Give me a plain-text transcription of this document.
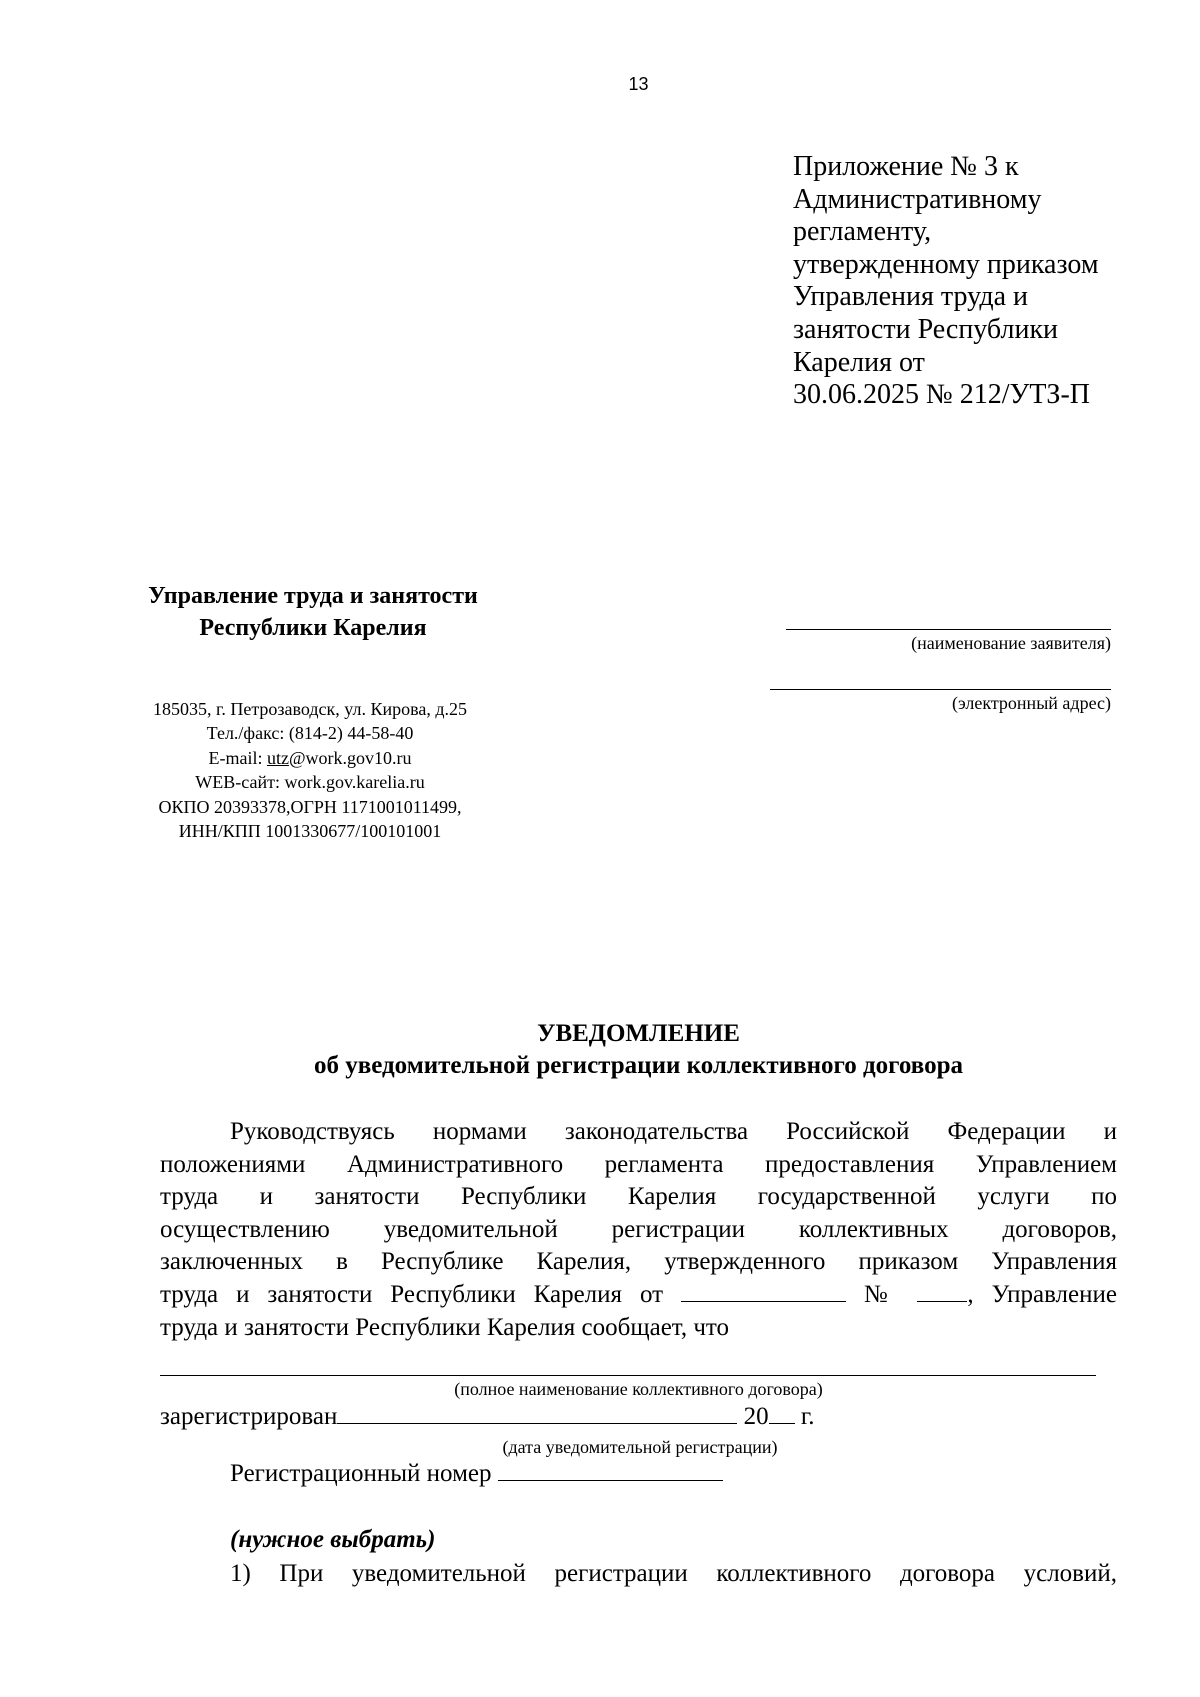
13
Приложение № 3 к
Административному
регламенту,
утвержденному приказом
Управления труда и
занятости Республики
Карелия от
30.06.2025 № 212/УТЗ-П
Управление труда и занятости
Республики Карелия
185035, г. Петрозаводск, ул. Кирова, д.25
Тел./факс: (814-2) 44-58-40
E-mail: utz@work.gov10.ru
WEB-сайт: work.gov.karelia.ru
ОКПО 20393378,ОГРН 1171001011499,
ИНН/КПП 1001330677/100101001
(наименование заявителя)
(электронный адрес)
УВЕДОМЛЕНИЕ
об уведомительной регистрации коллективного договора
Руководствуясь нормами законодательства Российской Федерации и
положениями Административного регламента предоставления Управлением
труда и занятости Республики Карелия государственной услуги по
осуществлению уведомительной регистрации коллективных договоров,
заключенных в Республике Карелия, утвержденного приказом Управления
труда и занятости Республики Карелия от	№ , Управление
труда и занятости Республики Карелия сообщает, что
(полное наименование коллективного договора)
зарегистрирован	20 г.
(дата уведомительной регистрации)
Регистрационный номер
(нужное выбрать)
1) При уведомительной регистрации коллективного договора условий,
